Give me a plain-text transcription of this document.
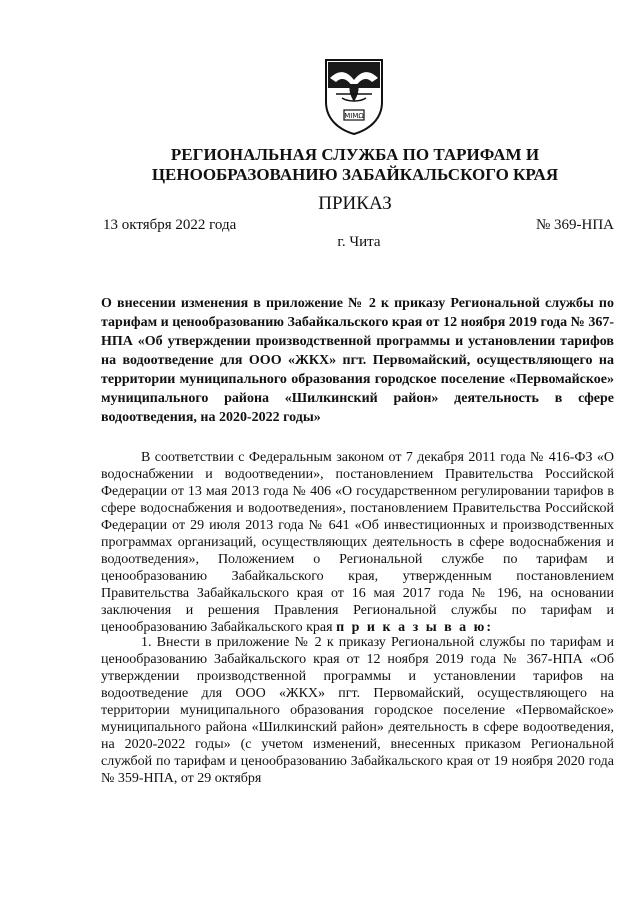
ΜΙΜΩ
РЕГИОНАЛЬНАЯ СЛУЖБА ПО ТАРИФАМ И ЦЕНООБРАЗОВАНИЮ ЗАБАЙКАЛЬСКОГО КРАЯ
ПРИКАЗ
13 октября 2022 года	№ 369-НПА
г. Чита
О внесении изменения в приложение № 2 к приказу Региональной службы по тарифам и ценообразованию Забайкальского края от 12 ноября 2019 года № 367-НПА «Об утверждении производственной программы и установлении тарифов на водоотведение для ООО «ЖКХ» пгт. Первомайский, осуществляющего на территории муниципального образования городское поселение «Первомайское» муниципального района «Шилкинский район» деятельность в сфере водоотведения, на 2020-2022 годы»

В соответствии с Федеральным законом от 7 декабря 2011 года № 416-ФЗ «О водоснабжении и водоотведении», постановлением Правительства Российской Федерации от 13 мая 2013 года № 406 «О государственном регулировании тарифов в сфере водоснабжения и водоотведения», постановлением Правительства Российской Федерации от 29 июля 2013 года № 641 «Об инвестиционных и производственных программах организаций, осуществляющих деятельность в сфере водоснабжения и водоотведения», Положением о Региональной службе по тарифам и ценообразованию Забайкальского края, утвержденным постановлением Правительства Забайкальского края от 16 мая 2017 года № 196, на основании заключения и решения Правления Региональной службы по тарифам и ценообразованию Забайкальского края п р и к а з ы в а ю:

1. Внести в приложение № 2 к приказу Региональной службы по тарифам и ценообразованию Забайкальского края от 12 ноября 2019 года № 367-НПА «Об утверждении производственной программы и установлении тарифов на водоотведение для ООО «ЖКХ» пгт. Первомайский, осуществляющего на территории муниципального образования городское поселение «Первомайское» муниципального района «Шилкинский район» деятельность в сфере водоотведения, на 2020-2022 годы» (с учетом изменений, внесенных приказом Региональной службой по тарифам и ценообразованию Забайкальского края от 19 ноября 2020 года № 359-НПА, от 29 октября
